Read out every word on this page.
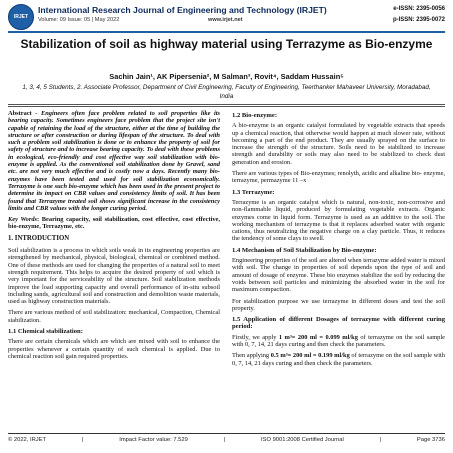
IRJET
International Research Journal of Engineering and Technology (IRJET)
Volume: 09 Issue: 05 | May 2022	www.irjet.net
e-ISSN: 2395-0056
p-ISSN: 2395-0072
Stabilization of soil as highway material using Terrazyme as Bio-enzyme
Sachin Jain¹, AK Pipersenia², M Salman³, Rovit⁴, Saddam Hussain⁵
1, 3, 4, 5 Students, 2. Associate Professor, Department of Civil Engineering, Faculty of Engineering, Teerthanker Mahaveer University, Moradabad, India

Abstract - Engineers often face problem related to soil properties like its bearing capacity. Sometimes engineers face problem that the project site isn't capable of retaining the load of the structure, either at the time of building the structure or after construction or during lifespan of the structure. To deal with such a problem soil stabilization is done or to enhance the property of soil for safety of structure and to increase bearing capacity. To deal with these problems in ecological, eco-friendly and cost effective way soil stabilization with bio-enzyme is applied. As the conventional soil stabilization done by Gravel, sand etc. are not very much effective and is costly now a days. Recently many bio-enzymes have been tested and used for soil stabilization economically. Terrazyme is one such bio-enzyme which has been used in the present project to determine its impact on CBR values and consistency limits of soil. It has been found that Terrazyme treated soil shows significant increase in the consistency limits and CBR values with the longer curing period.

Key Words: Bearing capacity, soil stabilization, cost effective, cost effective, bio-enzyme, Terrazyme, etc.

1. INTRODUCTION

Soil stabilization is a process in which soils weak in its engineering properties are strengthened by mechanical, physical, biological, chemical or combined method. One of these methods are used for changing the properties of a natural soil to meet strength requirement. This helps to acquire the desired property of soil which is very important for the serviceability of the structure. Soil stabilization methods improve the load supporting capacity and overall performance of in-situ subsoil including sands, agricultural soil and construction and demolition waste materials, used as highway construction materials.

There are various method of soil stabilization: mechanical, Compaction, Chemical stabilization.

1.1 Chemical stabilization:

There are certain chemicals which are which are mixed with soil to enhance the properties whenever a certain quantity of such chemical is applied. Due to chemical reaction soil gain required properties.

1.2 Bio-enzyme:

A bio-enzyme is an organic catalyst formulated by vegetable extracts that speeds up a chemical reaction, that otherwise would happen at much slower rate, without becoming a part of the end product. They are usually sprayed on the surface to increase the strength of the structure. Soils need to be stabilized to increase strength and durability or soils may also need to be stabilized to check dust generation and erosion.

There are various types of Bio-enzymes; renolyth, acidic and alkaline bio- enzyme, terrazyme, permazyme 11 –x

1.3 Terrazyme:

Terrazyme is an organic catalyst which is natural, non-toxic, non-corrosive and non-flammable liquid, produced by formulating vegetable extracts. Organic enzymes come in liquid form. Terrazyme is used as an additive to the soil. The working mechanism of terrazyme is that it replaces adsorbed water with organic cations, thus neutralizing the negative charge on a clay particle. Thus, it reduces the tendency of some clays to swell.

1.4 Mechanism of Soil Stabilization by Bio-enzyme:

Engineering properties of the soil are altered when terrazyme added water is mixed with soil. The change in properties of soil depends upon the type of soil and amount of dosage of enzyme. These bio enzymes stabilize the soil by reducing the voids between soil particles and minimizing the absorbed water in the soil for maximum compaction.

For stabilization purpose we use terrazyme in different doses and test the soil property.

1.5 Application of different Dosages of terrazyme with different curing period:

Firstly, we apply 1 m³= 200 ml = 0.099 ml/kg of terrazyme on the soil sample with 0, 7, 14, 21 days curing and then check the parameters.

Then applying 0.5 m³= 200 ml = 0.199 ml/kg of terrazyme on the soil sample with 0, 7, 14, 21 days curing and then check the parameters.

© 2022, IRJET	|	Impact Factor value: 7.529	|	ISO 9001:2008 Certified Journal	|	Page 3736
